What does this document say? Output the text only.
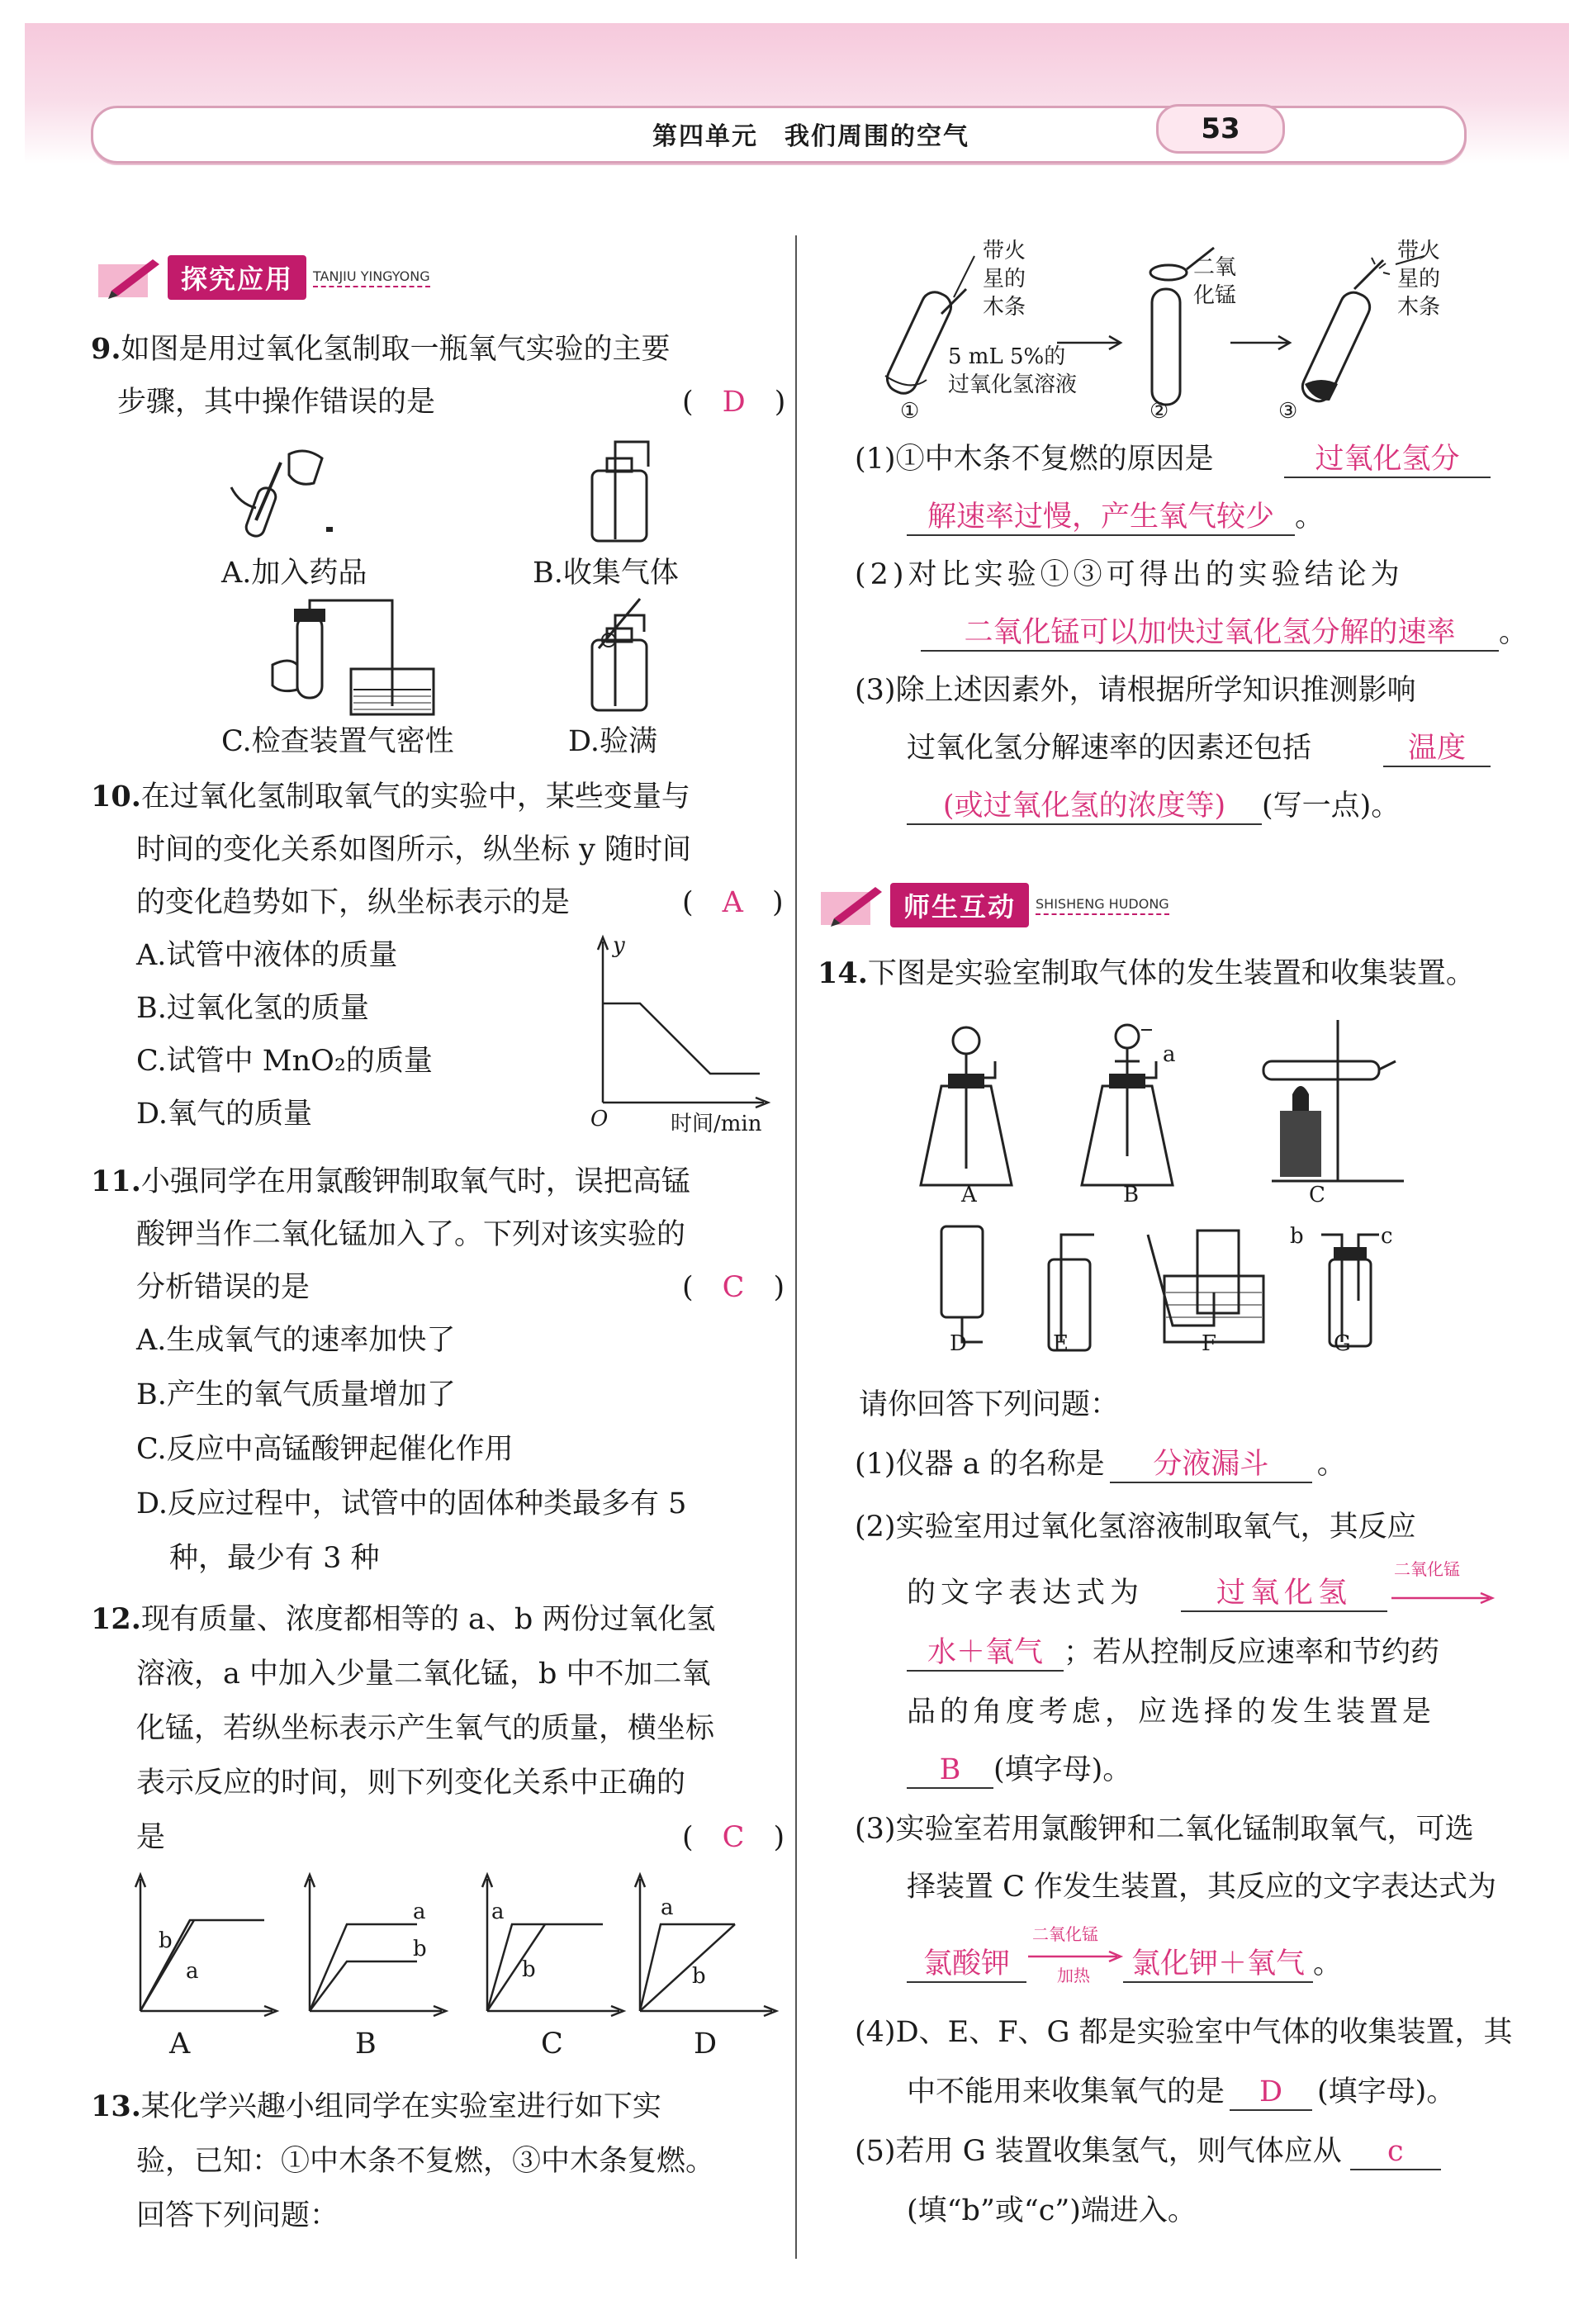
第四单元　我们周围的空气	53
探究应用	TANJIU YINGYONG
9.如图是用过氧化氢制取一瓶氧气实验的主要
步骤，其中操作错误的是	( D )
A.加入药品	B.收集气体
C.检查装置气密性	D.验满
10.在过氧化氢制取氧气的实验中，某些变量与
时间的变化关系如图所示，纵坐标 y 随时间
的变化趋势如下，纵坐标表示的是	( A )
A.试管中液体的质量
B.过氧化氢的质量
C.试管中 MnO₂的质量
D.氧气的质量
y
O	时间/min
11.小强同学在用氯酸钾制取氧气时，误把高锰
酸钾当作二氧化锰加入了。下列对该实验的
分析错误的是	( C )
A.生成氧气的速率加快了
B.产生的氧气质量增加了
C.反应中高锰酸钾起催化作用
D.反应过程中，试管中的固体种类最多有 5
种，最少有 3 种
12.现有质量、浓度都相等的 a、b 两份过氧化氢
溶液，a 中加入少量二氧化锰，b 中不加二氧
化锰，若纵坐标表示产生氧气的质量，横坐标
表示反应的时间，则下列变化关系中正确的
是	( C )
b
a
A
a
b
B
a
b
C
a
b
D
13.某化学兴趣小组同学在实验室进行如下实
验，已知：①中木条不复燃，③中木条复燃。
回答下列问题：
带火
星的
木条
二氧
化锰
带火
星的
木条
5 mL 5%的
过氧化氢溶液
①	②	③
(1)①中木条不复燃的原因是	过氧化氢分
解速率过慢，产生氧气较少 。
(2)对比实验①③可得出的实验结论为
二氧化锰可以加快过氧化氢分解的速率 。
(3)除上述因素外，请根据所学知识推测影响
过氧化氢分解速率的因素还包括	温度
(或过氧化氢的浓度等) (写一点)。
师生互动	SHISHENG HUDONG
14.下图是实验室制取气体的发生装置和收集装置。
A	B	C
D	E	F	G
a
b	c
请你回答下列问题：
(1)仪器 a 的名称是 分液漏斗 。
(2)实验室用过氧化氢溶液制取氧气，其反应
的文字表达式为	过氧化氢
二氧化锰
水＋氧气 ；若从控制反应速率和节约药
品的角度考虑，应选择的发生装置是
B (填字母)。
(3)实验室若用氯酸钾和二氧化锰制取氧气，可选
择装置 C 作发生装置，其反应的文字表达式为
氯酸钾
二氧化锰
加热 氯化钾＋氧气 。
(4)D、E、F、G 都是实验室中气体的收集装置，其
中不能用来收集氧气的是 D (填字母)。
(5)若用 G 装置收集氢气，则气体应从 c
(填“b”或“c”)端进入。
